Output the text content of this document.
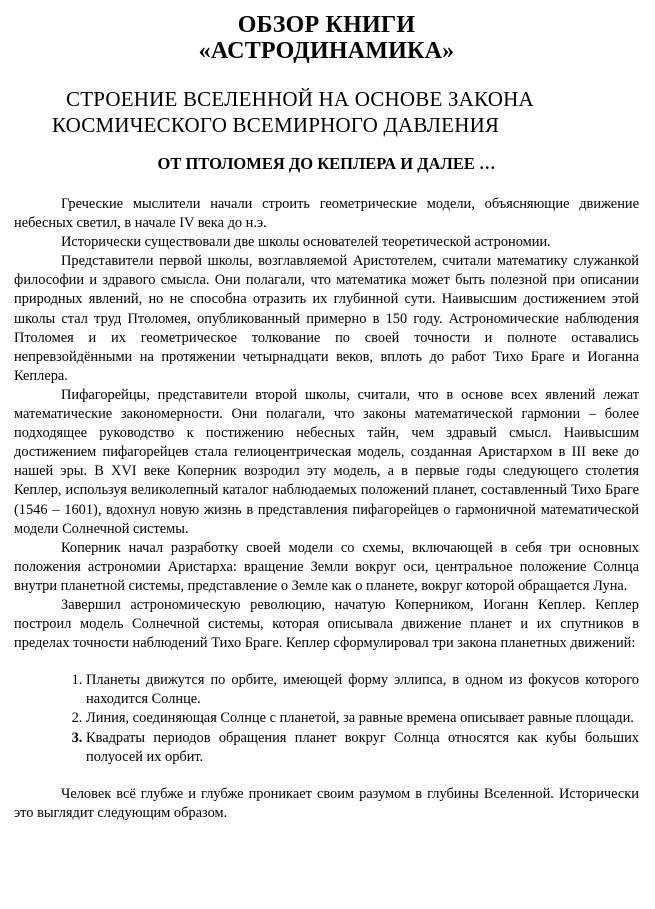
ОБЗОР КНИГИ
«АСТРОДИНАМИКА»
СТРОЕНИЕ ВСЕЛЕННОЙ НА ОСНОВЕ ЗАКОНА
КОСМИЧЕСКОГО ВСЕМИРНОГО ДАВЛЕНИЯ
ОТ ПТОЛОМЕЯ ДО КЕПЛЕРА И ДАЛЕЕ …

Греческие мыслители начали строить геометрические модели, объясняющие движение небесных светил, в начале IV века до н.э.

Исторически существовали две школы основателей теоретической астрономии.

Представители первой школы, возглавляемой Аристотелем, считали математику служанкой философии и здравого смысла. Они полагали, что математика может быть полезной при описании природных явлений, но не способна отразить их глубинной сути. Наивысшим достижением этой школы стал труд Птоломея, опубликованный примерно в 150 году. Астрономические наблюдения Птоломея и их геометрическое толкование по своей точности и полноте оставались непревзойдёнными на протяжении четырнадцати веков, вплоть до работ Тихо Браге и Иоганна Кеплера.

Пифагорейцы, представители второй школы, считали, что в основе всех явлений лежат математические закономерности. Они полагали, что законы математической гармонии – более подходящее руководство к постижению небесных тайн, чем здравый смысл. Наивысшим достижением пифагорейцев стала гелиоцентрическая модель, созданная Аристархом в III веке до нашей эры. В XVI веке Коперник возродил эту модель, а в первые годы следующего столетия Кеплер, используя великолепный каталог наблюдаемых положений планет, составленный Тихо Браге (1546 – 1601), вдохнул новую жизнь в представления пифагорейцев о гармоничной математической модели Солнечной системы.

Коперник начал разработку своей модели со схемы, включающей в себя три основных положения астрономии Аристарха: вращение Земли вокруг оси, центральное положение Солнца внутри планетной системы, представление о Земле как о планете, вокруг которой обращается Луна.

Завершил астрономическую революцию, начатую Коперником, Иоганн Кеплер. Кеплер построил модель Солнечной системы, которая описывала движение планет и их спутников в пределах точности наблюдений Тихо Браге. Кеплер сформулировал три закона планетных движений:

1. Планеты движутся по орбите, имеющей форму эллипса, в одном из фокусов которого находится Солнце.
2. Линия, соединяющая Солнце с планетой, за равные времена описывает равные площади.
3. Квадраты периодов обращения планет вокруг Солнца относятся как кубы больших полуосей их орбит.

Человек всё глубже и глубже проникает своим разумом в глубины Вселенной. Исторически это выглядит следующим образом.
